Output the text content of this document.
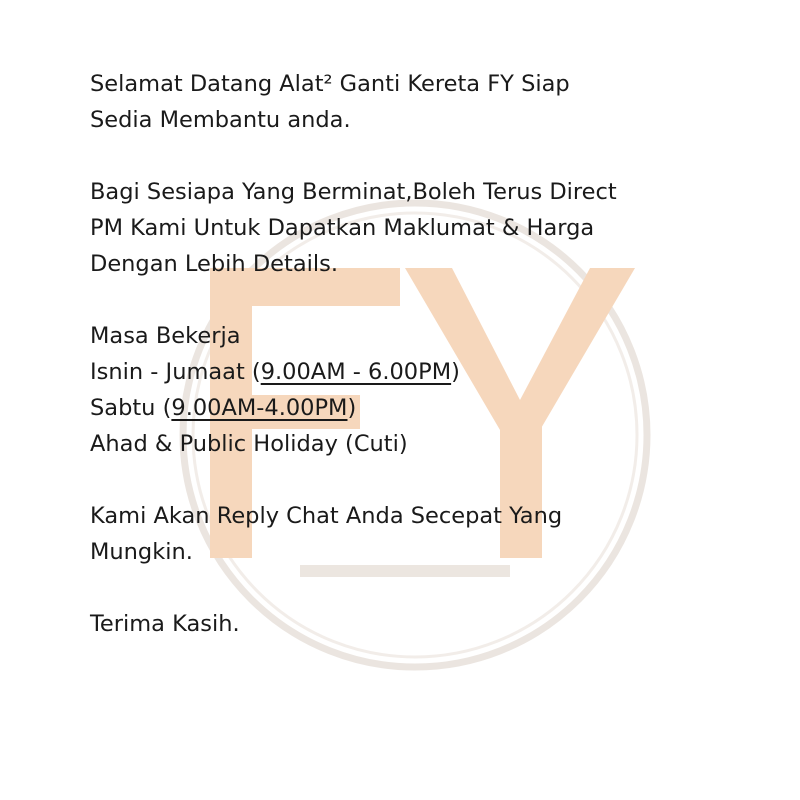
Selamat Datang Alat² Ganti Kereta FY Siap
Sedia Membantu anda.

Bagi Sesiapa Yang Berminat,Boleh Terus Direct
PM Kami Untuk Dapatkan Maklumat & Harga
Dengan Lebih Details.

Masa Bekerja
Isnin - Jumaat (9.00AM - 6.00PM)
Sabtu (9.00AM-4.00PM)
Ahad & Public Holiday (Cuti)

Kami Akan Reply Chat Anda Secepat Yang
Mungkin.

Terima Kasih.
